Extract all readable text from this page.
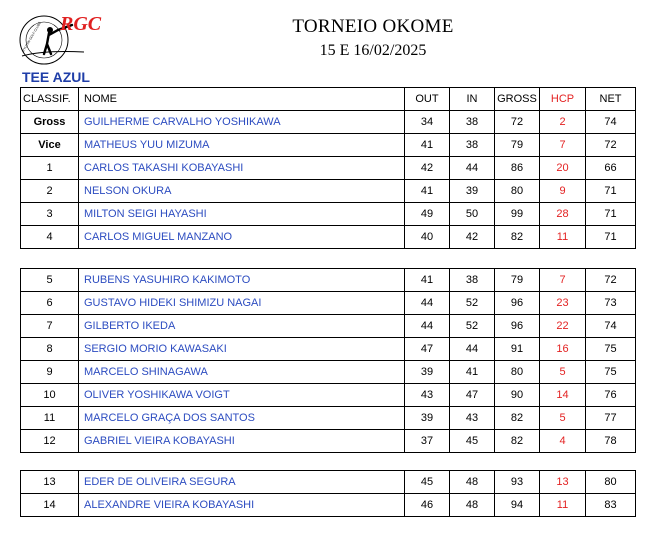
RGC
RYUTAN GOLF CLUBE	TORNEIO OKOME
15 E 16/02/2025
TEE AZUL
CLASSIF.	NOME	OUT	IN	GROSS	HCP	NET
Gross	GUILHERME CARVALHO YOSHIKAWA	34	38	72	2	74
Vice	MATHEUS YUU MIZUMA	41	38	79	7	72
1	CARLOS TAKASHI KOBAYASHI	42	44	86	20	66
2	NELSON OKURA	41	39	80	9	71
3	MILTON SEIGI HAYASHI	49	50	99	28	71
4	CARLOS MIGUEL MANZANO	40	42	82	11	71
5	RUBENS YASUHIRO KAKIMOTO	41	38	79	7	72
6	GUSTAVO HIDEKI SHIMIZU NAGAI	44	52	96	23	73
7	GILBERTO IKEDA	44	52	96	22	74
8	SERGIO MORIO KAWASAKI	47	44	91	16	75
9	MARCELO SHINAGAWA	39	41	80	5	75
10	OLIVER YOSHIKAWA VOIGT	43	47	90	14	76
11	MARCELO GRAÇA DOS SANTOS	39	43	82	5	77
12	GABRIEL VIEIRA KOBAYASHI	37	45	82	4	78
13	EDER DE OLIVEIRA SEGURA	45	48	93	13	80
14	ALEXANDRE VIEIRA KOBAYASHI	46	48	94	11	83
